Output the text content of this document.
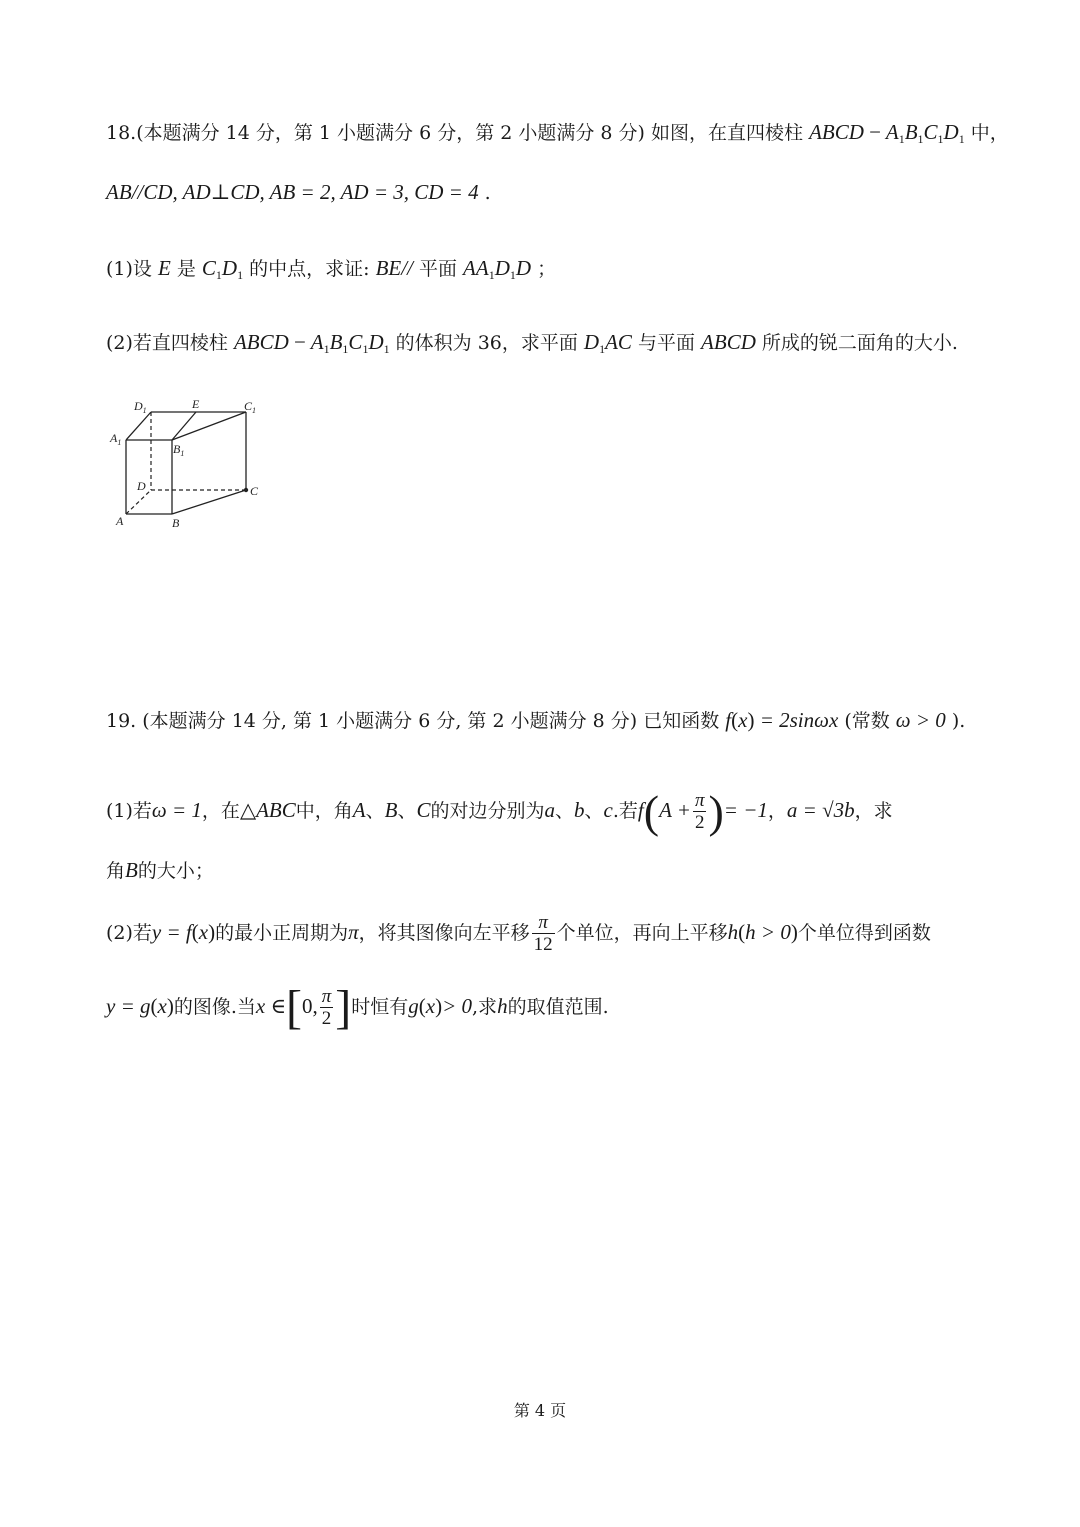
18.(本题满分 14 分，第 1 小题满分 6 分，第 2 小题满分 8 分) 如图，在直四棱柱 ABCD − $A_1B_1C_1D_1$ 中，
AB//CD, AD⊥CD, AB = 2, AD = 3, CD = 4 .
(1)设 E 是 $C_1D_1$ 的中点，求证: BE// 平面 $AA_1D_1D$ ；
(2)若直四棱柱 ABCD − $A_1B_1C_1D_1$ 的体积为 36，求平面 $D_1AC$ 与平面 ABCD 所成的锐二面角的大小.
$D_1$	E	$C_1$
$A_1$	$B_1$
D	C
A	B
19. (本题满分 14 分, 第 1 小题满分 6 分, 第 2 小题满分 8 分) 已知函数 f(x) = 2sinωx (常数 ω > 0 ).
(1)若ω = 1，在△ABC中，角A、B、C的对边分别为a、b、c.若$f(A + \frac{\pi}{2}$ )= −1，a = √3b，求
角B的大小；
(2)若y = f(x)的最小正周期为π，将其图像向左平移 $\frac{\pi}{12}$ 个单位，再向上平移h(h > 0)个单位得到函数
y = g(x)的图像.当x ∈[0, $\frac{\pi}{2}$ ]时恒有g(x)> 0,求h的取值范围.
第 4 页
